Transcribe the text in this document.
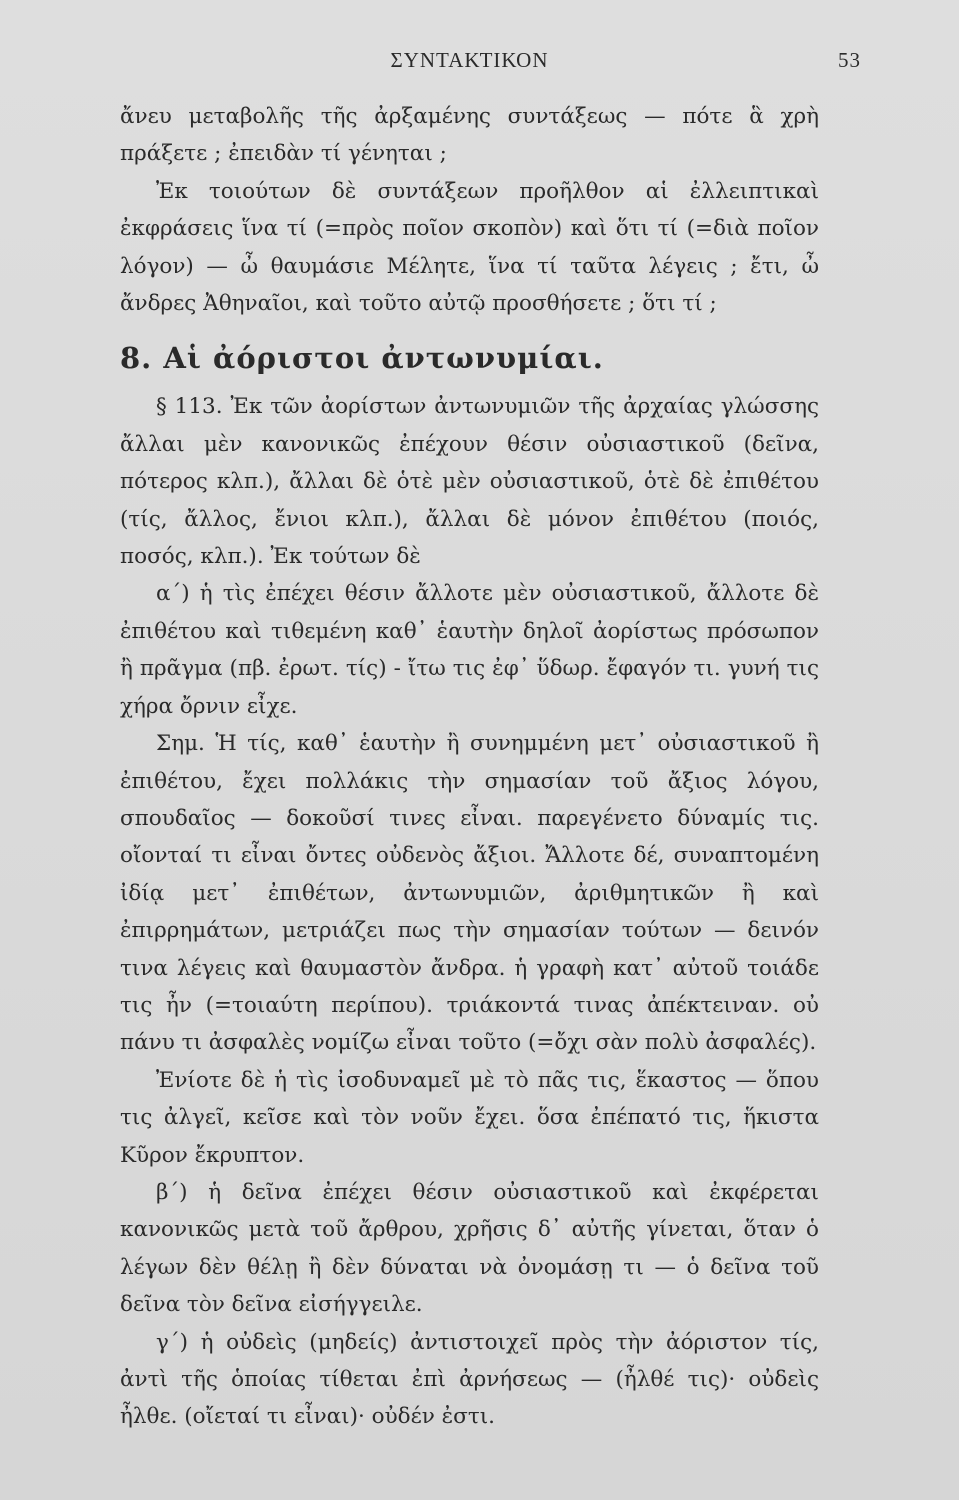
ΣΥΝΤΑΚΤΙΚΟΝ	53

ἄνευ μεταβολῆς τῆς ἀρξαμένης συντάξεως — πότε ἃ χρὴ πράξετε ; ἐπειδὰν τί γένηται ;

Ἐκ τοιούτων δὲ συντάξεων προῆλθον αἱ ἐλλειπτικαὶ ἐκφράσεις ἵνα τί (=πρὸς ποῖον σκοπὸν) καὶ ὅτι τί (=διὰ ποῖον λόγον) — ὦ θαυμάσιε Μέλητε, ἵνα τί ταῦτα λέγεις ; ἔτι, ὦ ἄνδρες Ἀθηναῖοι, καὶ τοῦτο αὐτῷ προσθήσετε ; ὅτι τί ;

8. Αἱ ἀόριστοι ἀντωνυμίαι.

§ 113. Ἐκ τῶν ἀορίστων ἀντωνυμιῶν τῆς ἀρχαίας γλώσσης ἄλλαι μὲν κανονικῶς ἐπέχουν θέσιν οὐσιαστικοῦ (δεῖνα, πότερος κλπ.), ἄλλαι δὲ ὁτὲ μὲν οὐσιαστικοῦ, ὁτὲ δὲ ἐπιθέτου (τίς, ἄλλος, ἔνιοι κλπ.), ἄλλαι δὲ μόνον ἐπιθέτου (ποιός, ποσός, κλπ.). Ἐκ τούτων δὲ

α΄) ἡ τὶς ἐπέχει θέσιν ἄλλοτε μὲν οὐσιαστικοῦ, ἄλλοτε δὲ ἐπιθέτου καὶ τιθεμένη καθ᾿ ἑαυτὴν δηλοῖ ἀορίστως πρόσωπον ἢ πρᾶγμα (πβ. ἐρωτ. τίς) - ἴτω τις ἐφ᾿ ὕδωρ. ἔφαγόν τι. γυνή τις χήρα ὄρνιν εἶχε.

Σημ. Ἡ τίς, καθ᾿ ἑαυτὴν ἢ συνημμένη μετ᾿ οὐσιαστικοῦ ἢ ἐπιθέτου, ἔχει πολλάκις τὴν σημασίαν τοῦ ἄξιος λόγου, σπουδαῖος — δοκοῦσί τινες εἶναι. παρεγένετο δύναμίς τις. οἴονταί τι εἶναι ὄντες οὐδενὸς ἄξιοι. Ἄλλοτε δέ, συναπτομένη ἰδίᾳ μετ᾿ ἐπιθέτων, ἀντωνυμιῶν, ἀριθμητικῶν ἢ καὶ ἐπιρρημάτων, μετριάζει πως τὴν σημασίαν τούτων — δεινόν τινα λέγεις καὶ θαυμαστὸν ἄνδρα. ἡ γραφὴ κατ᾿ αὐτοῦ τοιάδε τις ἦν (=τοιαύτη περίπου). τριάκοντά τινας ἀπέκτειναν. οὐ πάνυ τι ἀσφαλὲς νομίζω εἶναι τοῦτο (=ὄχι σὰν πολὺ ἀσφαλές).

Ἐνίοτε δὲ ἡ τὶς ἰσοδυναμεῖ μὲ τὸ πᾶς τις, ἕκαστος — ὅπου τις ἀλγεῖ, κεῖσε καὶ τὸν νοῦν ἔχει. ὅσα ἐπέπατό τις, ἥκιστα Κῦρον ἔκρυπτον.

β΄) ἡ δεῖνα ἐπέχει θέσιν οὐσιαστικοῦ καὶ ἐκφέρεται κανονικῶς μετὰ τοῦ ἄρθρου, χρῆσις δ᾿ αὐτῆς γίνεται, ὅταν ὁ λέγων δὲν θέλῃ ἢ δὲν δύναται νὰ ὀνομάσῃ τι — ὁ δεῖνα τοῦ δεῖνα τὸν δεῖνα εἰσήγγειλε.

γ΄) ἡ οὐδεὶς (μηδείς) ἀντιστοιχεῖ πρὸς τὴν ἀόριστον τίς, ἀντὶ τῆς ὁποίας τίθεται ἐπὶ ἀρνήσεως — (ἦλθέ τις)· οὐδεὶς ἦλθε. (οἴεταί τι εἶναι)· οὐδέν ἐστι.
